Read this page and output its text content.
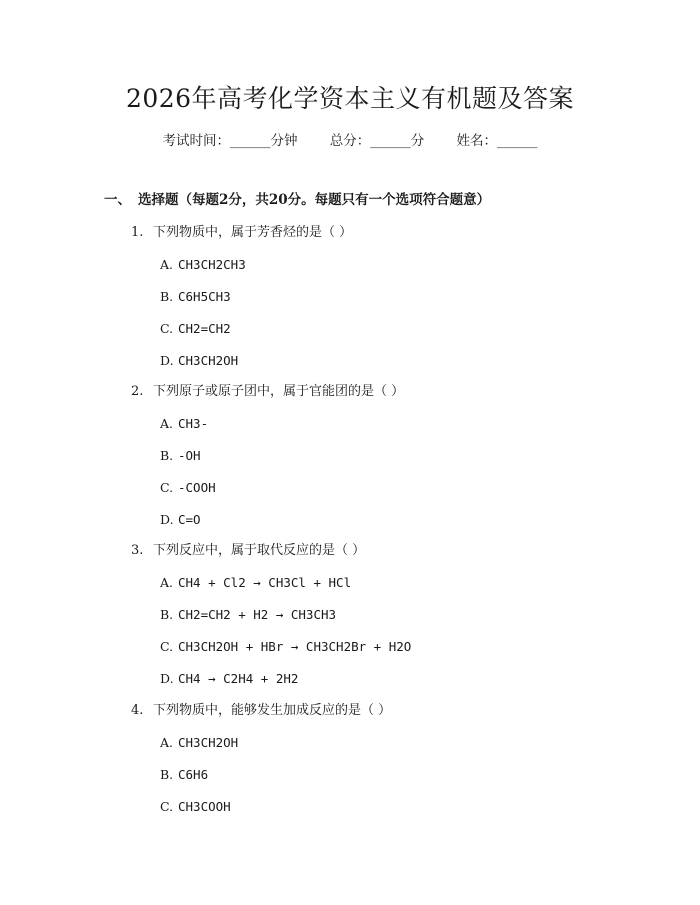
2026年高考化学资本主义有机题及答案
考试时间：______分钟 总分：______分 姓名：______
一、 选择题（每题2分，共20分。每题只有一个选项符合题意）
1. 下列物质中，属于芳香烃的是（ ）
A. CH3CH2CH3
B. C6H5CH3
C. CH2=CH2
D. CH3CH2OH
2. 下列原子或原子团中，属于官能团的是（ ）
A. CH3-
B. -OH
C. -COOH
D. C=O
3. 下列反应中，属于取代反应的是（ ）
A. CH4 + Cl2 → CH3Cl + HCl
B. CH2=CH2 + H2 → CH3CH3
C. CH3CH2OH + HBr → CH3CH2Br + H2O
D. CH4 → C2H4 + 2H2
4. 下列物质中，能够发生加成反应的是（ ）
A. CH3CH2OH
B. C6H6
C. CH3COOH
